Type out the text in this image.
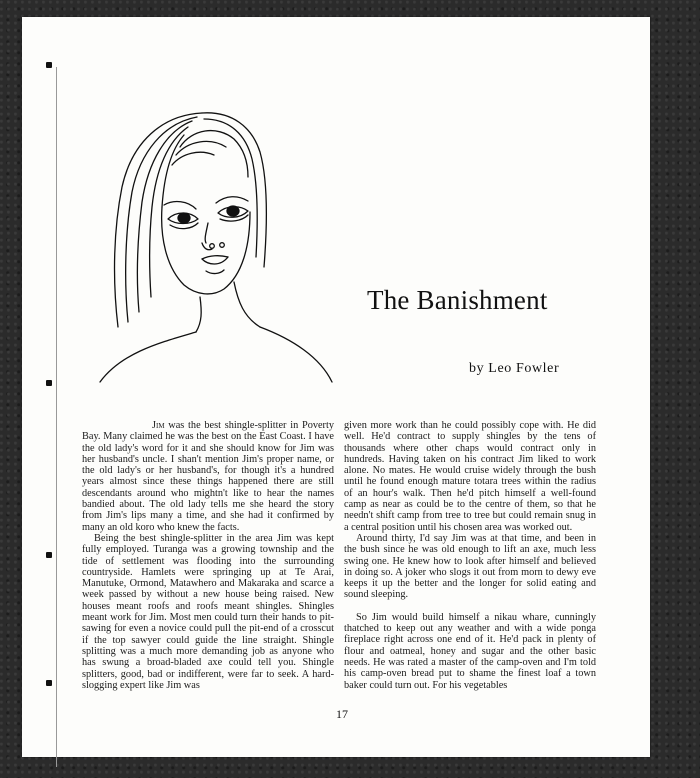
The Banishment
by Leo Fowler

Jim was the best shingle-splitter in Poverty Bay. Many claimed he was the best on the East Coast. I have the old lady's word for it and she should know for Jim was her husband's uncle. I shan't mention Jim's proper name, or the old lady's or her husband's, for though it's a hundred years almost since these things happened there are still descendants around who mightn't like to hear the names bandied about. The old lady tells me she heard the story from Jim's lips many a time, and she had it confirmed by many an old koro who knew the facts.

Being the best shingle-splitter in the area Jim was kept fully employed. Turanga was a growing township and the tide of settlement was flooding into the surrounding countryside. Hamlets were springing up at Te Arai, Manutuke, Ormond, Matawhero and Makaraka and scarce a week passed by without a new house being raised. New houses meant roofs and roofs meant shingles. Shingles meant work for Jim. Most men could turn their hands to pit-sawing for even a novice could pull the pit-end of a crosscut if the top sawyer could guide the line straight. Shingle splitting was a much more demanding job as anyone who has swung a broad-bladed axe could tell you. Shingle splitters, good, bad or indifferent, were far to seek. A hard-slogging expert like Jim was

given more work than he could possibly cope with. He did well. He'd contract to supply shingles by the tens of thousands where other chaps would contract only in hundreds. Having taken on his contract Jim liked to work alone. No mates. He would cruise widely through the bush until he found enough mature totara trees within the radius of an hour's walk. Then he'd pitch himself a well-found camp as near as could be to the centre of them, so that he needn't shift camp from tree to tree but could remain snug in a central position until his chosen area was worked out.

Around thirty, I'd say Jim was at that time, and been in the bush since he was old enough to lift an axe, much less swing one. He knew how to look after himself and believed in doing so. A joker who slogs it out from morn to dewy eve keeps it up the better and the longer for solid eating and sound sleeping.

So Jim would build himself a nikau whare, cunningly thatched to keep out any weather and with a wide ponga fireplace right across one end of it. He'd pack in plenty of flour and oatmeal, honey and sugar and the other basic needs. He was rated a master of the camp-oven and I'm told his camp-oven bread put to shame the finest loaf a town baker could turn out. For his vegetables

17
